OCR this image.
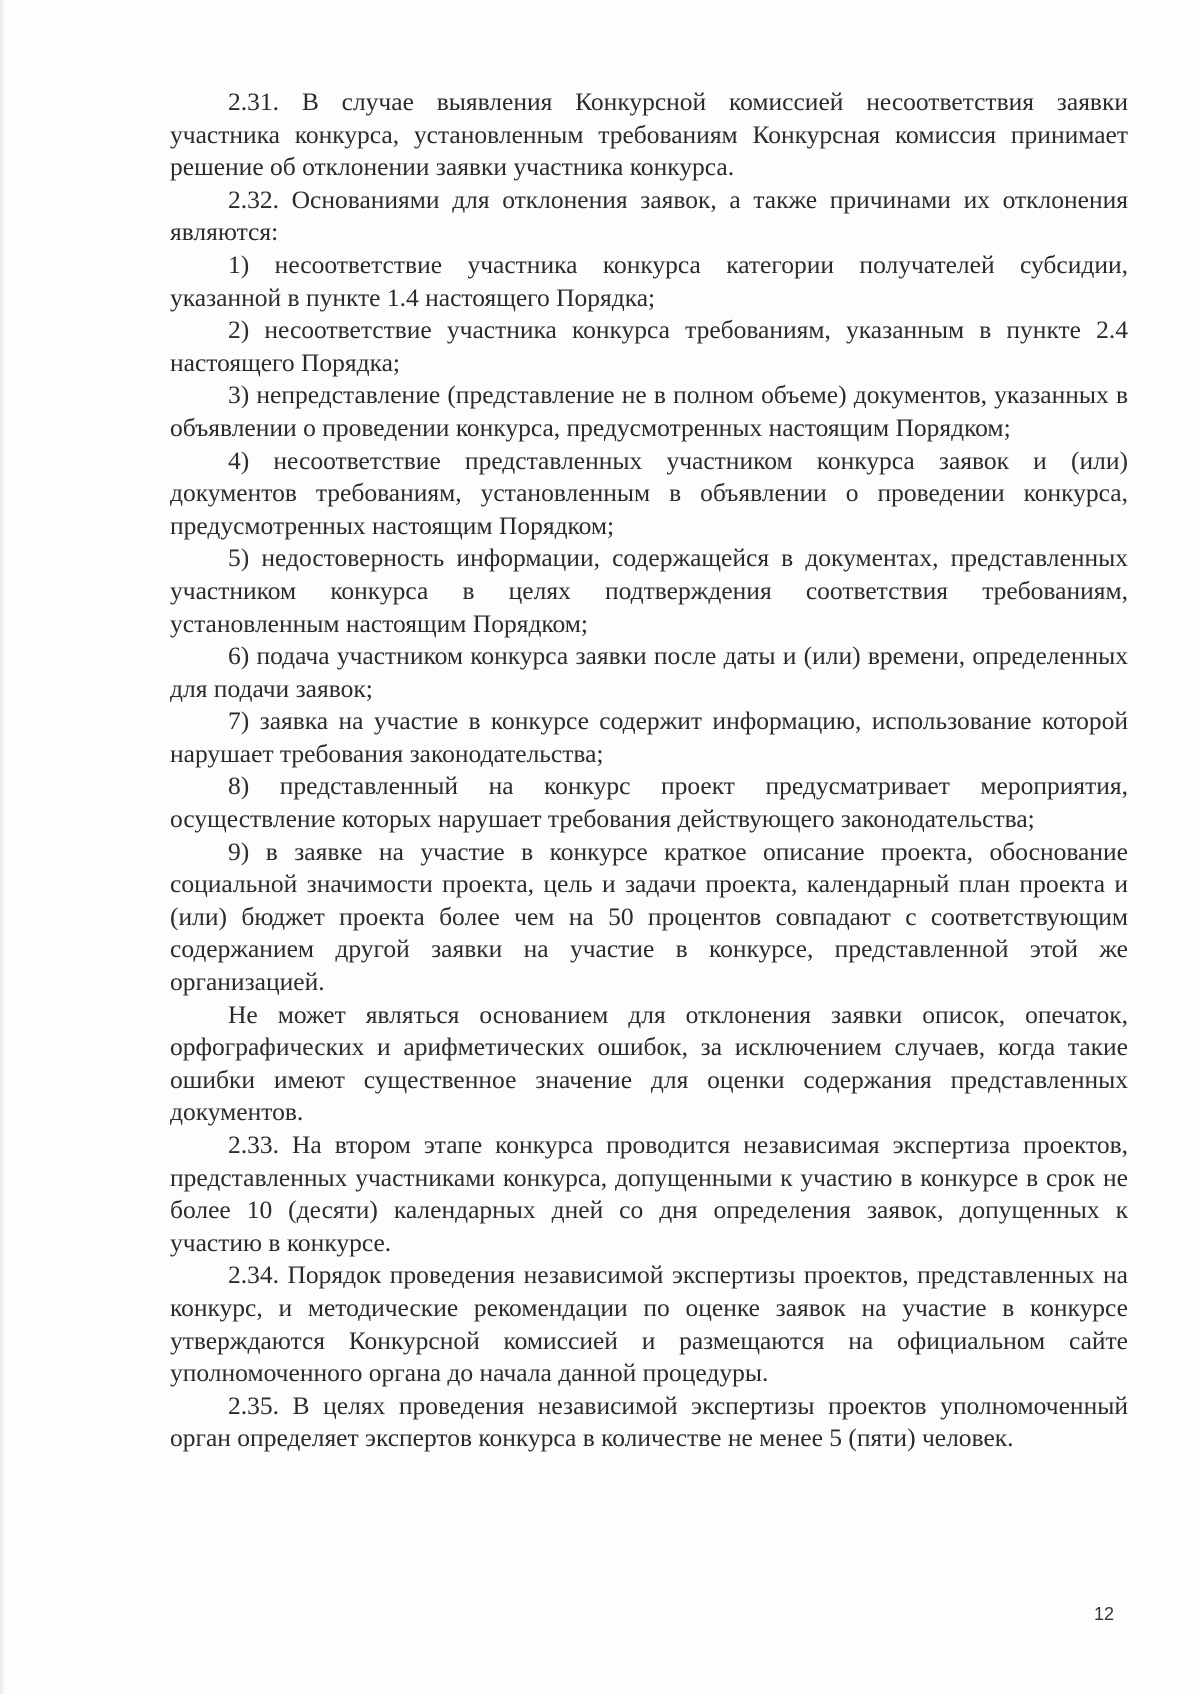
2.31. В случае выявления Конкурсной комиссией несоответствия заявки участника конкурса, установленным требованиям Конкурсная комиссия принимает решение об отклонении заявки участника конкурса.

2.32. Основаниями для отклонения заявок, а также причинами их отклонения являются:

1) несоответствие участника конкурса категории получателей субсидии, указанной в пункте 1.4 настоящего Порядка;

2) несоответствие участника конкурса требованиям, указанным в пункте 2.4 настоящего Порядка;

3) непредставление (представление не в полном объеме) документов, указанных в объявлении о проведении конкурса, предусмотренных настоящим Порядком;

4) несоответствие представленных участником конкурса заявок и (или) документов требованиям, установленным в объявлении о проведении конкурса, предусмотренных настоящим Порядком;

5) недостоверность информации, содержащейся в документах, представленных участником конкурса в целях подтверждения соответствия требованиям, установленным настоящим Порядком;

6) подача участником конкурса заявки после даты и (или) времени, определенных для подачи заявок;

7) заявка на участие в конкурсе содержит информацию, использование которой нарушает требования законодательства;

8) представленный на конкурс проект предусматривает мероприятия, осуществление которых нарушает требования действующего законодательства;

9) в заявке на участие в конкурсе краткое описание проекта, обоснование социальной значимости проекта, цель и задачи проекта, календарный план проекта и (или) бюджет проекта более чем на 50 процентов совпадают с соответствующим содержанием другой заявки на участие в конкурсе, представленной этой же организацией.

Не может являться основанием для отклонения заявки описок, опечаток, орфографических и арифметических ошибок, за исключением случаев, когда такие ошибки имеют существенное значение для оценки содержания представленных документов.

2.33. На втором этапе конкурса проводится независимая экспертиза проектов, представленных участниками конкурса, допущенными к участию в конкурсе в срок не более 10 (десяти) календарных дней со дня определения заявок, допущенных к участию в конкурсе.

2.34. Порядок проведения независимой экспертизы проектов, представленных на конкурс, и методические рекомендации по оценке заявок на участие в конкурсе утверждаются Конкурсной комиссией и размещаются на официальном сайте уполномоченного органа до начала данной процедуры.

2.35. В целях проведения независимой экспертизы проектов уполномоченный орган определяет экспертов конкурса в количестве не менее 5 (пяти) человек.

12
